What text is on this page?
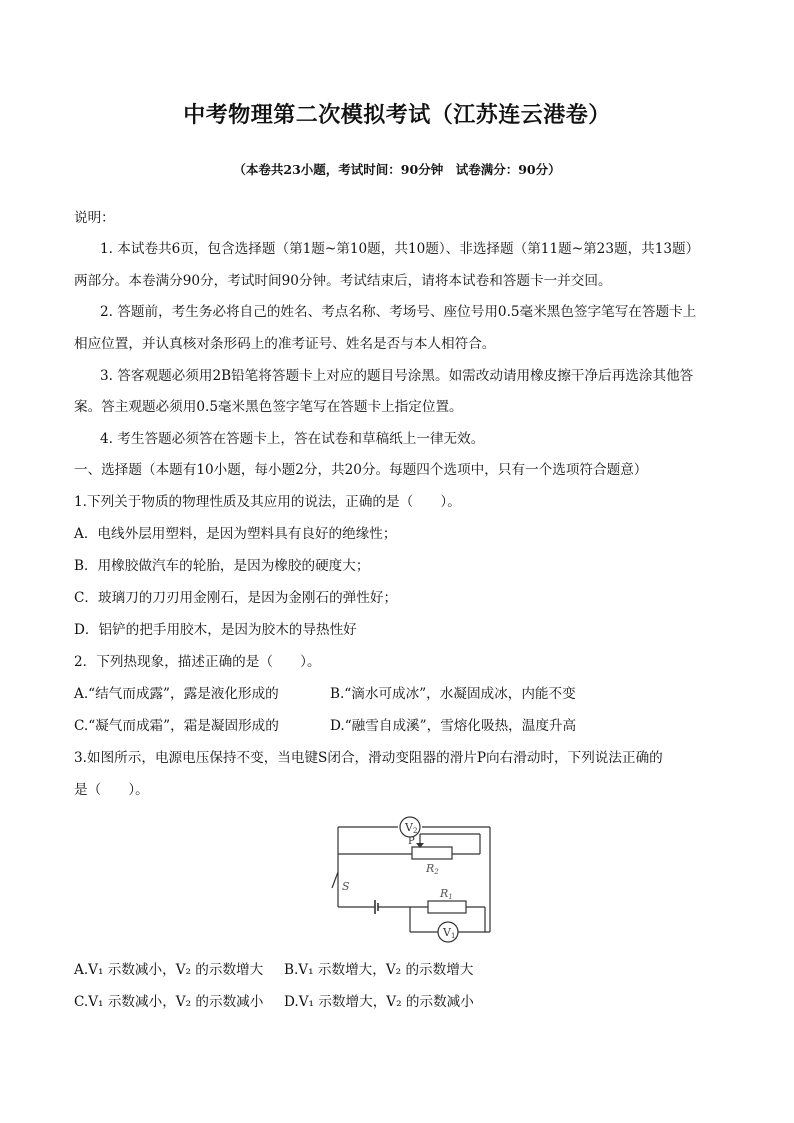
中考物理第二次模拟考试（江苏连云港卷）
（本卷共23小题，考试时间：90分钟　试卷满分：90分）
说明：
1. 本试卷共6页，包含选择题（第1题~第10题，共10题）、非选择题（第11题~第23题，共13题）
两部分。本卷满分90分，考试时间90分钟。考试结束后，请将本试卷和答题卡一并交回。
2. 答题前，考生务必将自己的姓名、考点名称、考场号、座位号用0.5毫米黑色签字笔写在答题卡上
相应位置，并认真核对条形码上的准考证号、姓名是否与本人相符合。
3. 答客观题必须用2B铅笔将答题卡上对应的题目号涂黑。如需改动请用橡皮擦干净后再选涂其他答
案。答主观题必须用0.5毫米黑色签字笔写在答题卡上指定位置。
4. 考生答题必须答在答题卡上，答在试卷和草稿纸上一律无效。
一、选择题（本题有10小题，每小题2分，共20分。每题四个选项中，只有一个选项符合题意）
1.下列关于物质的物理性质及其应用的说法，正确的是（　　）。
A．电线外层用塑料，是因为塑料具有良好的绝缘性；
B．用橡胶做汽车的轮胎，是因为橡胶的硬度大；
C．玻璃刀的刀刃用金刚石，是因为金刚石的弹性好；
D．铝铲的把手用胶木，是因为胶木的导热性好
2．下列热现象，描述正确的是（　　）。
A.“结气而成露”，露是液化形成的	B.“滴水可成冰”，水凝固成冰，内能不变
C.“凝气而成霜”，霜是凝固形成的	D.“融雪自成溪”，雪熔化吸热，温度升高
3.如图所示，电源电压保持不变，当电键S闭合，滑动变阻器的滑片P向右滑动时，下列说法正确的
是（　　）。
V2
V1
P
R2
R1
S
A.V₁ 示数减小，V₂ 的示数增大 B.V₁ 示数增大，V₂ 的示数增大
C.V₁ 示数减小，V₂ 的示数减小 D.V₁ 示数增大，V₂ 的示数减小
